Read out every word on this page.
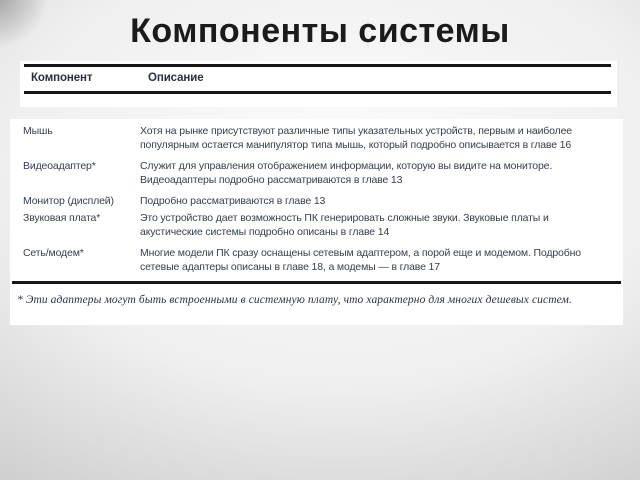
Компоненты системы
Компонент	Описание
Мышь	Хотя на рынке присутствуют различные типы указательных устройств, первым и наиболее
популярным остается манипулятор типа мышь, который подробно описывается в главе 16
Видеоадаптер*	Служит для управления отображением информации, которую вы видите на мониторе.
Видеоадаптеры подробно рассматриваются в главе 13
Монитор (дисплей)	Подробно рассматриваются в главе 13
Звуковая плата*	Это устройство дает возможность ПК генерировать сложные звуки. Звуковые платы и
акустические системы подробно описаны в главе 14
Сеть/модем*	Многие модели ПК сразу оснащены сетевым адаптером, а порой еще и модемом. Подробно
сетевые адаптеры описаны в главе 18, а модемы — в главе 17
* Эти адаптеры могут быть встроенными в системную плату, что характерно для многих дешевых систем.
